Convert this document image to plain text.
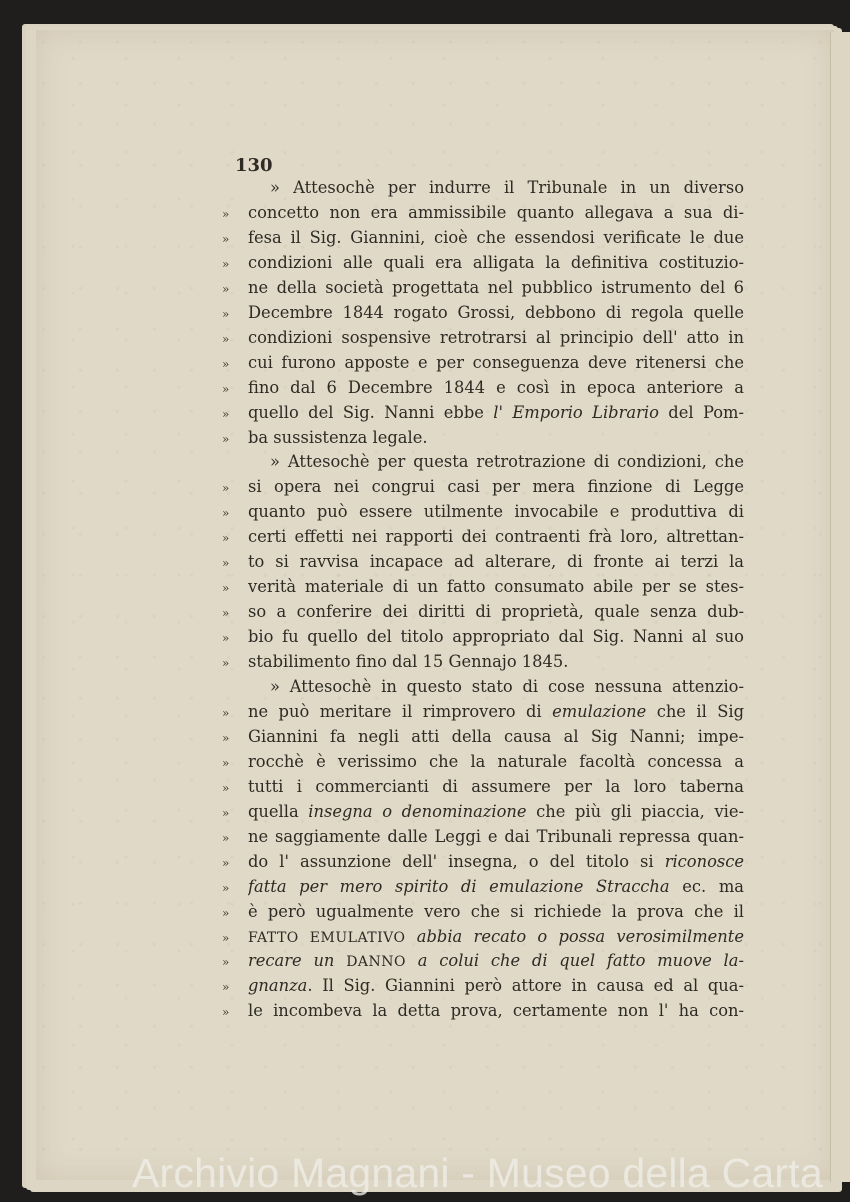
130
» Attesochè per indurre il Tribunale in un diverso
»	concetto non era ammissibile quanto allegava a sua di-
»	fesa il Sig. Giannini, cioè che essendosi verificate le due
»	condizioni alle quali era alligata la definitiva costituzio-
»	ne della società progettata nel pubblico istrumento del 6
»	Decembre 1844 rogato Grossi, debbono di regola quelle
»	condizioni sospensive retrotrarsi al principio dell' atto in
»	cui furono apposte e per conseguenza deve ritenersi che
»	fino dal 6 Decembre 1844 e così in epoca anteriore a
»	quello del Sig. Nanni ebbe l' Emporio Librario del Pom-
»	ba sussistenza legale.
» Attesochè per questa retrotrazione di condizioni, che
»	si opera nei congrui casi per mera finzione di Legge
»	quanto può essere utilmente invocabile e produttiva di
»	certi effetti nei rapporti dei contraenti frà loro, altrettan-
»	to si ravvisa incapace ad alterare, di fronte ai terzi la
»	verità materiale di un fatto consumato abile per se stes-
»	so a conferire dei diritti di proprietà, quale senza dub-
»	bio fu quello del titolo appropriato dal Sig. Nanni al suo
»	stabilimento fino dal 15 Gennajo 1845.
» Attesochè in questo stato di cose nessuna attenzio-
»	ne può meritare il rimprovero di emulazione che il Sig
»	Giannini fa negli atti della causa al Sig Nanni; impe-
»	rocchè è verissimo che la naturale facoltà concessa a
»	tutti i commercianti di assumere per la loro taberna
»	quella insegna o denominazione che più gli piaccia, vie-
»	ne saggiamente dalle Leggi e dai Tribunali repressa quan-
»	do l' assunzione dell' insegna, o del titolo si riconosce
»	fatta per mero spirito di emulazione Straccha ec. ma
»	è però ugualmente vero che si richiede la prova che il
»	FATTO EMULATIVO abbia recato o possa verosimilmente
»	recare un DANNO a colui che di quel fatto muove la-
»	gnanza. Il Sig. Giannini però attore in causa ed al qua-
»	le incombeva la detta prova, certamente non l' ha con-
Archivio Magnani - Museo della Carta
